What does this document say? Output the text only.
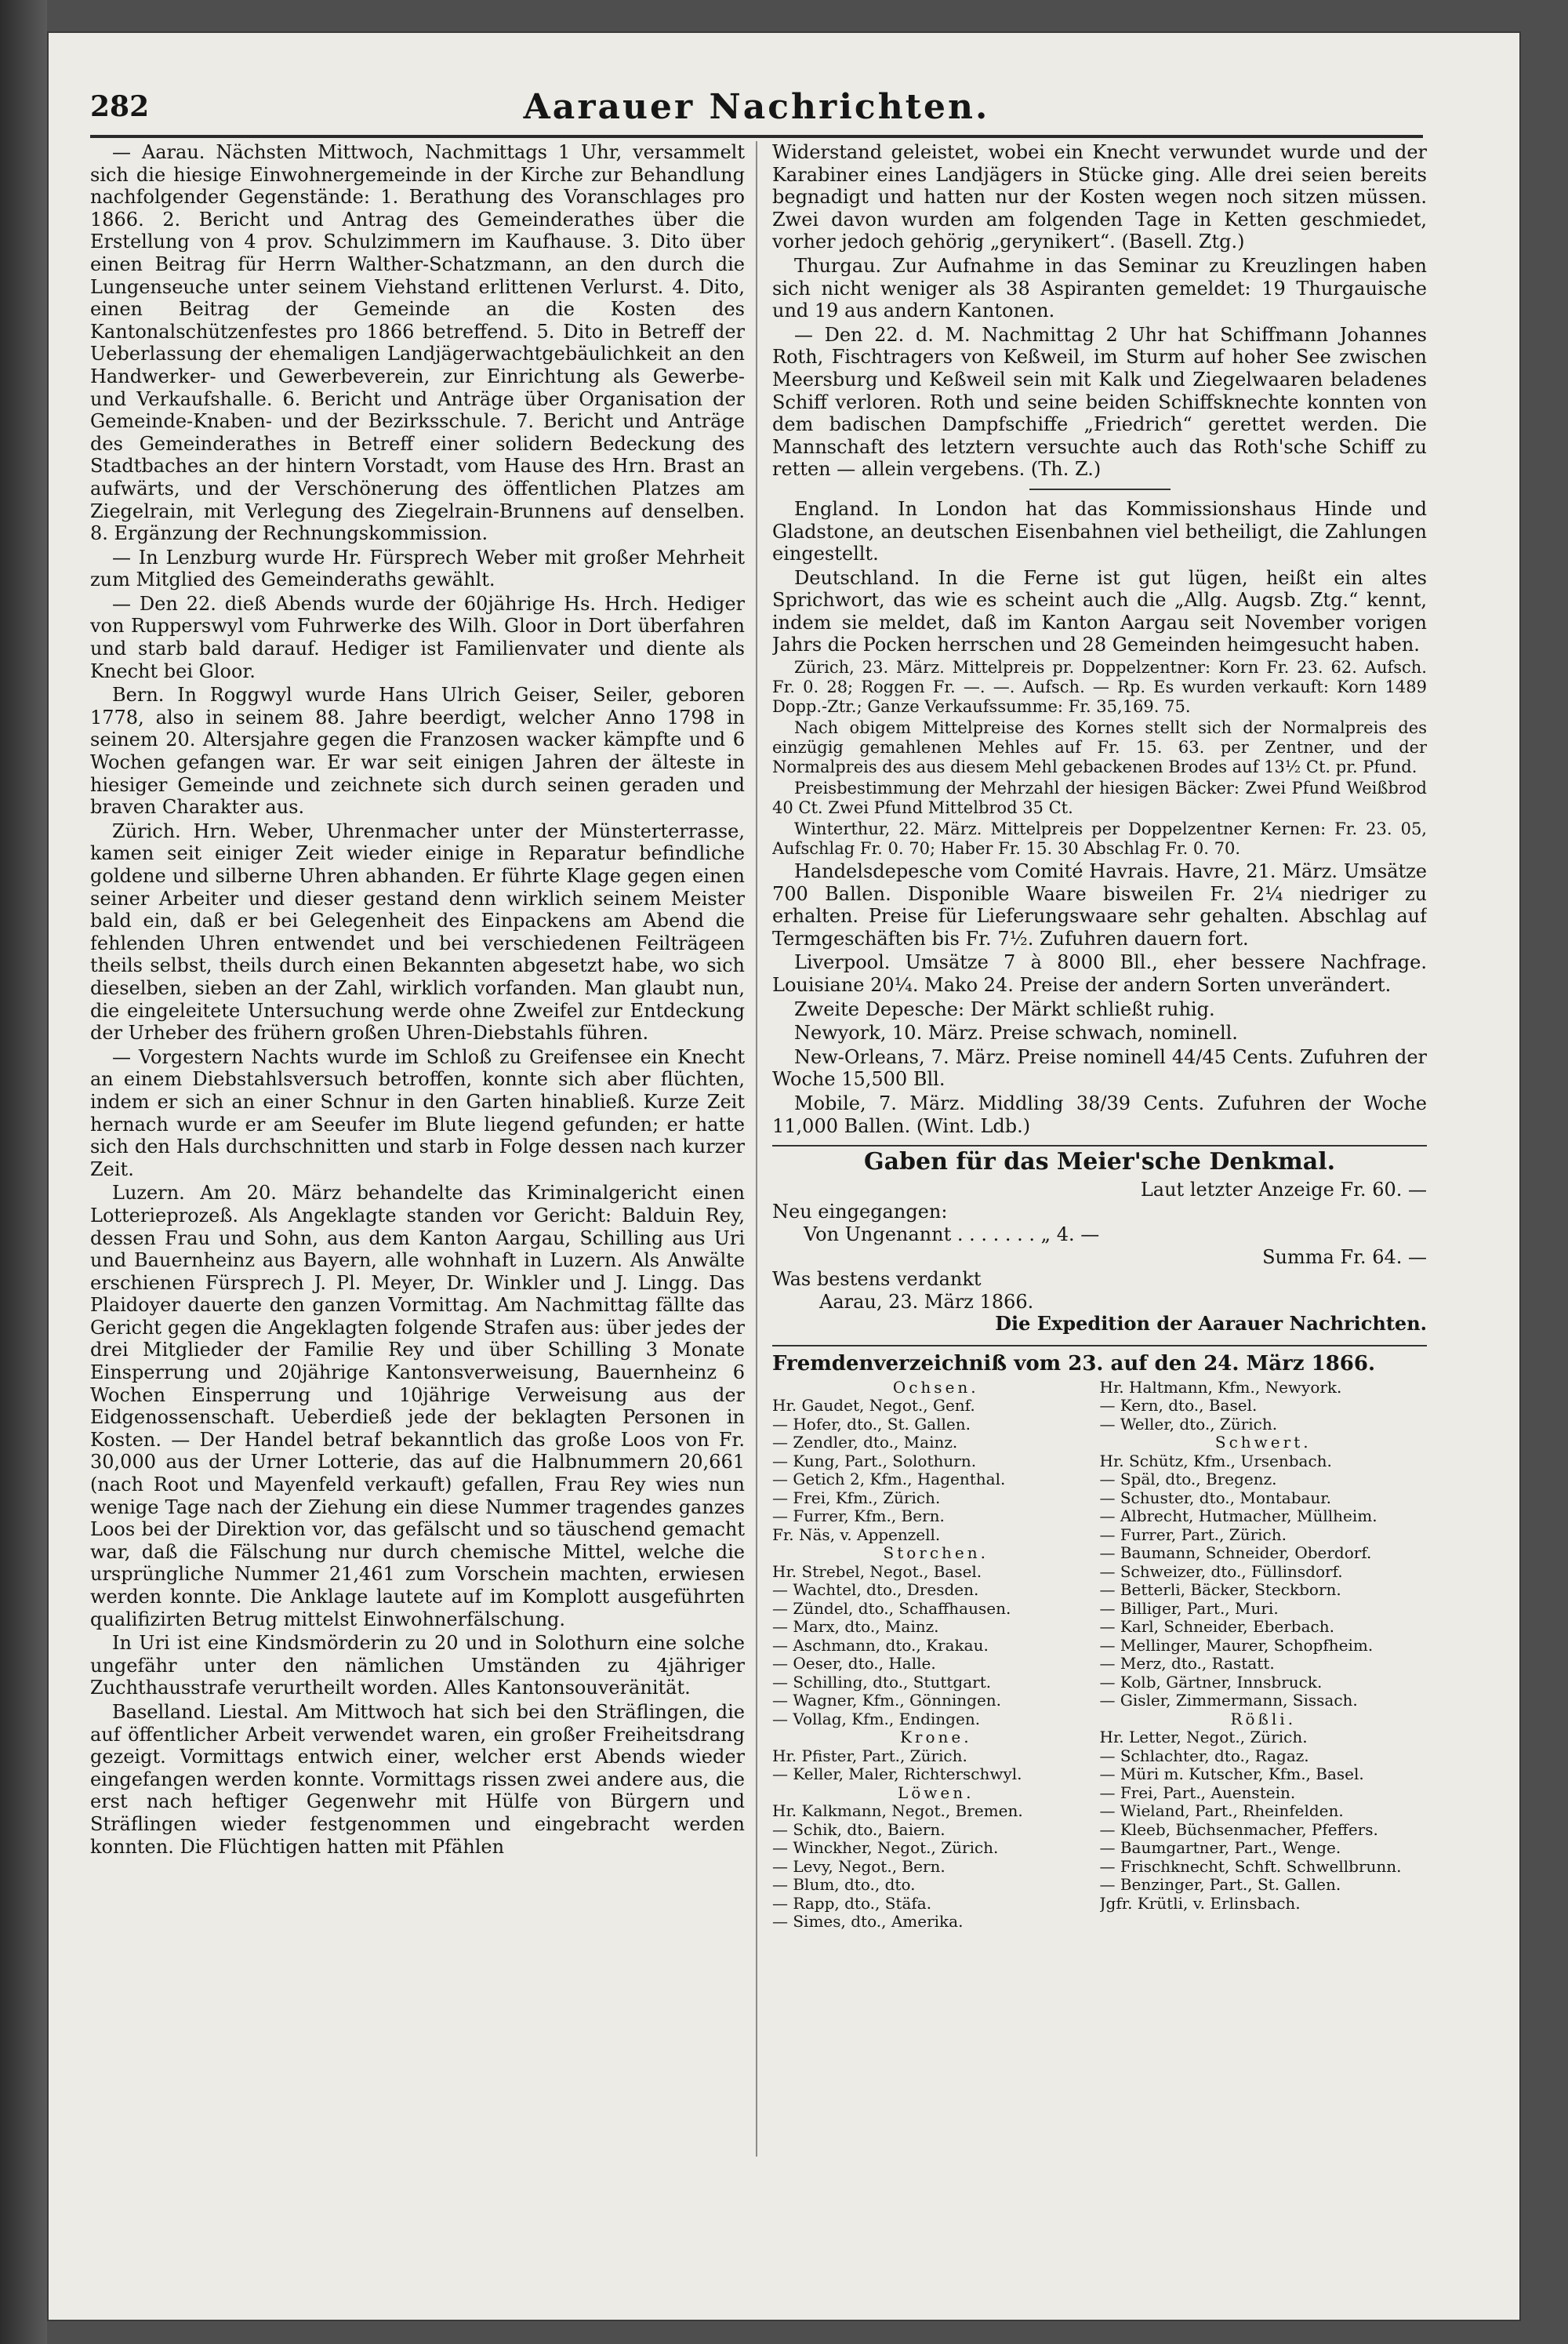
282	Aarauer Nachrichten.

— Aarau. Nächsten Mittwoch, Nachmittags 1 Uhr, versammelt sich die hiesige Einwohnergemeinde in der Kirche zur Behandlung nachfolgender Gegenstände: 1. Berathung des Voranschlages pro 1866. 2. Bericht und Antrag des Gemeinderathes über die Erstellung von 4 prov. Schulzimmern im Kaufhause. 3. Dito über einen Beitrag für Herrn Walther-Schatzmann, an den durch die Lungenseuche unter seinem Viehstand erlittenen Verlurst. 4. Dito, einen Beitrag der Gemeinde an die Kosten des Kantonalschützenfestes pro 1866 betreffend. 5. Dito in Betreff der Ueberlassung der ehemaligen Landjägerwachtgebäulichkeit an den Handwerker- und Gewerbeverein, zur Einrichtung als Gewerbe- und Verkaufshalle. 6. Bericht und Anträge über Organisation der Gemeinde-Knaben- und der Bezirksschule. 7. Bericht und Anträge des Gemeinderathes in Betreff einer solidern Bedeckung des Stadtbaches an der hintern Vorstadt, vom Hause des Hrn. Brast an aufwärts, und der Verschönerung des öffentlichen Platzes am Ziegelrain, mit Verlegung des Ziegelrain-Brunnens auf denselben. 8. Ergänzung der Rechnungskommission.

— In Lenzburg wurde Hr. Fürsprech Weber mit großer Mehrheit zum Mitglied des Gemeinderaths gewählt.

— Den 22. dieß Abends wurde der 60jährige Hs. Hrch. Hediger von Rupperswyl vom Fuhrwerke des Wilh. Gloor in Dort überfahren und starb bald darauf. Hediger ist Familienvater und diente als Knecht bei Gloor.

Bern. In Roggwyl wurde Hans Ulrich Geiser, Seiler, geboren 1778, also in seinem 88. Jahre beerdigt, welcher Anno 1798 in seinem 20. Altersjahre gegen die Franzosen wacker kämpfte und 6 Wochen gefangen war. Er war seit einigen Jahren der älteste in hiesiger Gemeinde und zeichnete sich durch seinen geraden und braven Charakter aus.

Zürich. Hrn. Weber, Uhrenmacher unter der Münsterterrasse, kamen seit einiger Zeit wieder einige in Reparatur befindliche goldene und silberne Uhren abhanden. Er führte Klage gegen einen seiner Arbeiter und dieser gestand denn wirklich seinem Meister bald ein, daß er bei Gelegenheit des Einpackens am Abend die fehlenden Uhren entwendet und bei verschiedenen Feilträgeen theils selbst, theils durch einen Bekannten abgesetzt habe, wo sich dieselben, sieben an der Zahl, wirklich vorfanden. Man glaubt nun, die eingeleitete Untersuchung werde ohne Zweifel zur Entdeckung der Urheber des frühern großen Uhren-Diebstahls führen.

— Vorgestern Nachts wurde im Schloß zu Greifensee ein Knecht an einem Diebstahlsversuch betroffen, konnte sich aber flüchten, indem er sich an einer Schnur in den Garten hinabließ. Kurze Zeit hernach wurde er am Seeufer im Blute liegend gefunden; er hatte sich den Hals durchschnitten und starb in Folge dessen nach kurzer Zeit.

Luzern. Am 20. März behandelte das Kriminalgericht einen Lotterieprozeß. Als Angeklagte standen vor Gericht: Balduin Rey, dessen Frau und Sohn, aus dem Kanton Aargau, Schilling aus Uri und Bauernheinz aus Bayern, alle wohnhaft in Luzern. Als Anwälte erschienen Fürsprech J. Pl. Meyer, Dr. Winkler und J. Lingg. Das Plaidoyer dauerte den ganzen Vormittag. Am Nachmittag fällte das Gericht gegen die Angeklagten folgende Strafen aus: über jedes der drei Mitglieder der Familie Rey und über Schilling 3 Monate Einsperrung und 20jährige Kantonsverweisung, Bauernheinz 6 Wochen Einsperrung und 10jährige Verweisung aus der Eidgenossenschaft. Ueberdieß jede der beklagten Personen in Kosten. — Der Handel betraf bekanntlich das große Loos von Fr. 30,000 aus der Urner Lotterie, das auf die Halbnummern 20,661 (nach Root und Mayenfeld verkauft) gefallen, Frau Rey wies nun wenige Tage nach der Ziehung ein diese Nummer tragendes ganzes Loos bei der Direktion vor, das gefälscht und so täuschend gemacht war, daß die Fälschung nur durch chemische Mittel, welche die ursprüngliche Nummer 21,461 zum Vorschein machten, erwiesen werden konnte. Die Anklage lautete auf im Komplott ausgeführten qualifizirten Betrug mittelst Einwohnerfälschung.

In Uri ist eine Kindsmörderin zu 20 und in Solothurn eine solche ungefähr unter den nämlichen Umständen zu 4jähriger Zuchthausstrafe verurtheilt worden. Alles Kantonsouveränität.

Baselland. Liestal. Am Mittwoch hat sich bei den Sträflingen, die auf öffentlicher Arbeit verwendet waren, ein großer Freiheitsdrang gezeigt. Vormittags entwich einer, welcher erst Abends wieder eingefangen werden konnte. Vormittags rissen zwei andere aus, die erst nach heftiger Gegenwehr mit Hülfe von Bürgern und Sträflingen wieder festgenommen und eingebracht werden konnten. Die Flüchtigen hatten mit Pfählen

Widerstand geleistet, wobei ein Knecht verwundet wurde und der Karabiner eines Landjägers in Stücke ging. Alle drei seien bereits begnadigt und hatten nur der Kosten wegen noch sitzen müssen. Zwei davon wurden am folgenden Tage in Ketten geschmiedet, vorher jedoch gehörig „gerynikert“. (Basell. Ztg.)

Thurgau. Zur Aufnahme in das Seminar zu Kreuzlingen haben sich nicht weniger als 38 Aspiranten gemeldet: 19 Thurgauische und 19 aus andern Kantonen.

— Den 22. d. M. Nachmittag 2 Uhr hat Schiffmann Johannes Roth, Fischtragers von Keßweil, im Sturm auf hoher See zwischen Meersburg und Keßweil sein mit Kalk und Ziegelwaaren beladenes Schiff verloren. Roth und seine beiden Schiffsknechte konnten von dem badischen Dampfschiffe „Friedrich“ gerettet werden. Die Mannschaft des letztern versuchte auch das Roth'sche Schiff zu retten — allein vergebens. (Th. Z.)

England. In London hat das Kommissionshaus Hinde und Gladstone, an deutschen Eisenbahnen viel betheiligt, die Zahlungen eingestellt.

Deutschland. In die Ferne ist gut lügen, heißt ein altes Sprichwort, das wie es scheint auch die „Allg. Augsb. Ztg.“ kennt, indem sie meldet, daß im Kanton Aargau seit November vorigen Jahrs die Pocken herrschen und 28 Gemeinden heimgesucht haben.

Zürich, 23. März. Mittelpreis pr. Doppelzentner: Korn Fr. 23. 62. Aufsch. Fr. 0. 28; Roggen Fr. —. —. Aufsch. — Rp. Es wurden verkauft: Korn 1489 Dopp.-Ztr.; Ganze Verkaufssumme: Fr. 35,169. 75.

Nach obigem Mittelpreise des Kornes stellt sich der Normalpreis des einzügig gemahlenen Mehles auf Fr. 15. 63. per Zentner, und der Normalpreis des aus diesem Mehl gebackenen Brodes auf 13½ Ct. pr. Pfund.

Preisbestimmung der Mehrzahl der hiesigen Bäcker: Zwei Pfund Weißbrod 40 Ct. Zwei Pfund Mittelbrod 35 Ct.

Winterthur, 22. März. Mittelpreis per Doppelzentner Kernen: Fr. 23. 05, Aufschlag Fr. 0. 70; Haber Fr. 15. 30 Abschlag Fr. 0. 70.

Handelsdepesche vom Comité Havrais. Havre, 21. März. Umsätze 700 Ballen. Disponible Waare bisweilen Fr. 2¼ niedriger zu erhalten. Preise für Lieferungswaare sehr gehalten. Abschlag auf Termgeschäften bis Fr. 7½. Zufuhren dauern fort.

Liverpool. Umsätze 7 à 8000 Bll., eher bessere Nachfrage. Louisiane 20¼. Mako 24. Preise der andern Sorten unverändert.

Zweite Depesche: Der Märkt schließt ruhig.

Newyork, 10. März. Preise schwach, nominell.

New-Orleans, 7. März. Preise nominell 44/45 Cents. Zufuhren der Woche 15,500 Bll.

Mobile, 7. März. Middling 38/39 Cents. Zufuhren der Woche 11,000 Ballen. (Wint. Ldb.)

Gaben für das Meier'sche Denkmal.
Laut letzter Anzeige Fr. 60. —
Neu eingegangen:
Von Ungenannt . . . . . . . „ 4. —
Summa Fr. 64. —
Was bestens verdankt
Aarau, 23. März 1866.
Die Expedition der Aarauer Nachrichten.
Fremdenverzeichniß vom 23. auf den 24. März 1866.
Ochsen.
Hr. Gaudet, Negot., Genf.
— Hofer, dto., St. Gallen.
— Zendler, dto., Mainz.
— Kung, Part., Solothurn.
— Getich 2, Kfm., Hagenthal.
— Frei, Kfm., Zürich.
— Furrer, Kfm., Bern.
Fr. Näs, v. Appenzell.
Storchen.
Hr. Strebel, Negot., Basel.
— Wachtel, dto., Dresden.
— Zündel, dto., Schaffhausen.
— Marx, dto., Mainz.
— Aschmann, dto., Krakau.
— Oeser, dto., Halle.
— Schilling, dto., Stuttgart.
— Wagner, Kfm., Gönningen.
— Vollag, Kfm., Endingen.
Krone.
Hr. Pfister, Part., Zürich.
— Keller, Maler, Richterschwyl.
Löwen.
Hr. Kalkmann, Negot., Bremen.
— Schik, dto., Baiern.
— Winckher, Negot., Zürich.
— Levy, Negot., Bern.
— Blum, dto., dto.
— Rapp, dto., Stäfa.
— Simes, dto., Amerika.
Hr. Haltmann, Kfm., Newyork.
— Kern, dto., Basel.
— Weller, dto., Zürich.
Schwert.
Hr. Schütz, Kfm., Ursenbach.
— Späl, dto., Bregenz.
— Schuster, dto., Montabaur.
— Albrecht, Hutmacher, Müllheim.
— Furrer, Part., Zürich.
— Baumann, Schneider, Oberdorf.
— Schweizer, dto., Füllinsdorf.
— Betterli, Bäcker, Steckborn.
— Billiger, Part., Muri.
— Karl, Schneider, Eberbach.
— Mellinger, Maurer, Schopfheim.
— Merz, dto., Rastatt.
— Kolb, Gärtner, Innsbruck.
— Gisler, Zimmermann, Sissach.
Rößli.
Hr. Letter, Negot., Zürich.
— Schlachter, dto., Ragaz.
— Müri m. Kutscher, Kfm., Basel.
— Frei, Part., Auenstein.
— Wieland, Part., Rheinfelden.
— Kleeb, Büchsenmacher, Pfeffers.
— Baumgartner, Part., Wenge.
— Frischknecht, Schft. Schwellbrunn.
— Benzinger, Part., St. Gallen.
Jgfr. Krütli, v. Erlinsbach.
